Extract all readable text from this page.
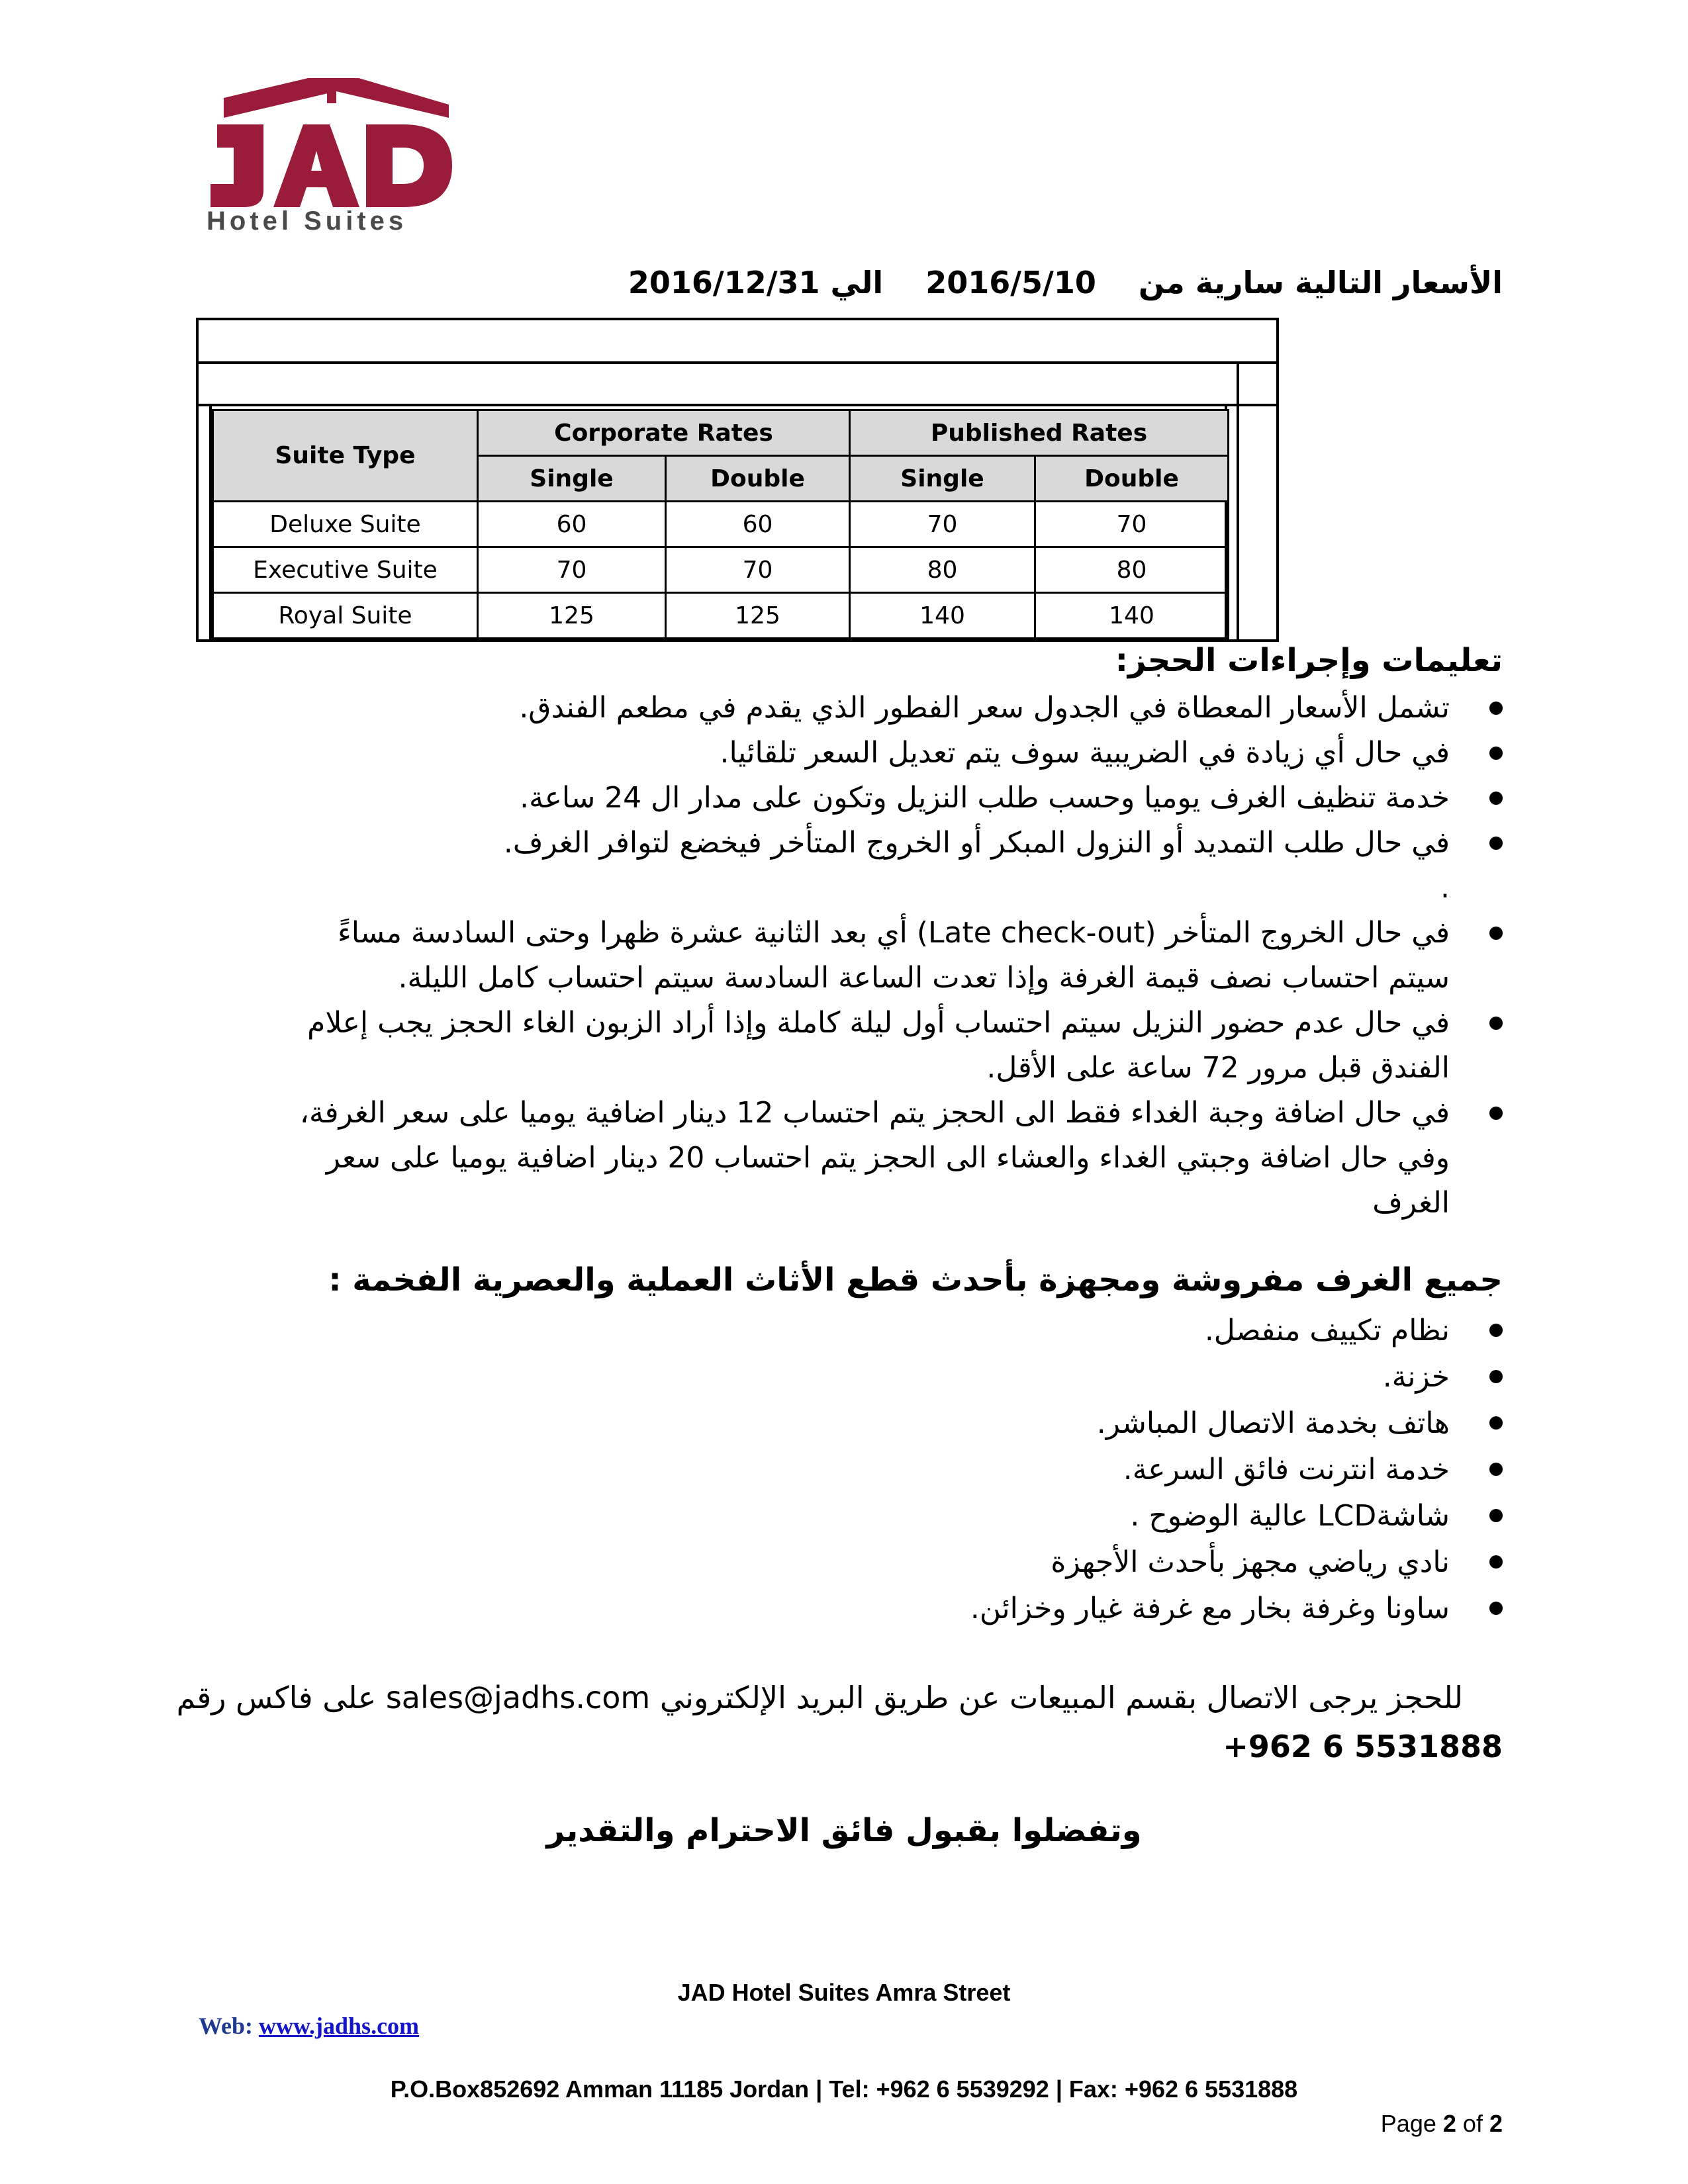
Hotel Suites
الأسعار التالية سارية من    2016/5/10    الي 2016/12/31
Suite Type	Corporate Rates		Published Rates	
	Single	Double	Single	Double
Deluxe Suite	60	60	70	70
Executive Suite	70	70	80	80
Royal Suite	125	125	140	140
تعليمات وإجراءات الحجز:
تشمل الأسعار المعطاة في الجدول سعر الفطور الذي يقدم في مطعم الفندق.
في حال أي زيادة في الضريبية سوف يتم تعديل السعر تلقائيا.
خدمة تنظيف الغرف يوميا وحسب طلب النزيل وتكون على مدار ال 24 ساعة.
في حال طلب التمديد أو النزول المبكر أو الخروج المتأخر فيخضع لتوافر الغرف.
.
في حال الخروج المتأخر (Late check-out) أي بعد الثانية عشرة ظهرا وحتى السادسة مساءً
سيتم احتساب نصف قيمة الغرفة وإذا تعدت الساعة السادسة سيتم احتساب كامل الليلة.
في حال عدم حضور النزيل سيتم احتساب أول ليلة كاملة وإذا أراد الزبون الغاء الحجز يجب إعلام
الفندق قبل مرور 72 ساعة على الأقل.
في حال اضافة وجبة الغداء فقط الى الحجز يتم احتساب 12 دينار اضافية يوميا على سعر الغرفة،
وفي حال اضافة وجبتي الغداء والعشاء الى الحجز يتم احتساب 20 دينار اضافية يوميا على سعر
الغرف
جميع الغرف مفروشة ومجهزة بأحدث قطع الأثاث العملية والعصرية الفخمة :
نظام تكييف منفصل.
خزنة.
هاتف بخدمة الاتصال المباشر.
خدمة انترنت فائق السرعة.
شاشةLCD عالية الوضوح .
نادي رياضي مجهز بأحدث الأجهزة
ساونا وغرفة بخار مع غرفة غيار وخزائن.
للحجز يرجى الاتصال بقسم المبيعات عن طريق البريد الإلكتروني sales@jadhs.com على فاكس رقم
+962 6 5531888
وتفضلوا بقبول فائق الاحترام والتقدير
JAD Hotel Suites Amra Street
Web: www.jadhs.com
P.O.Box852692 Amman 11185 Jordan | Tel: +962 6 5539292 | Fax: +962 6 5531888
Page 2 of 2
